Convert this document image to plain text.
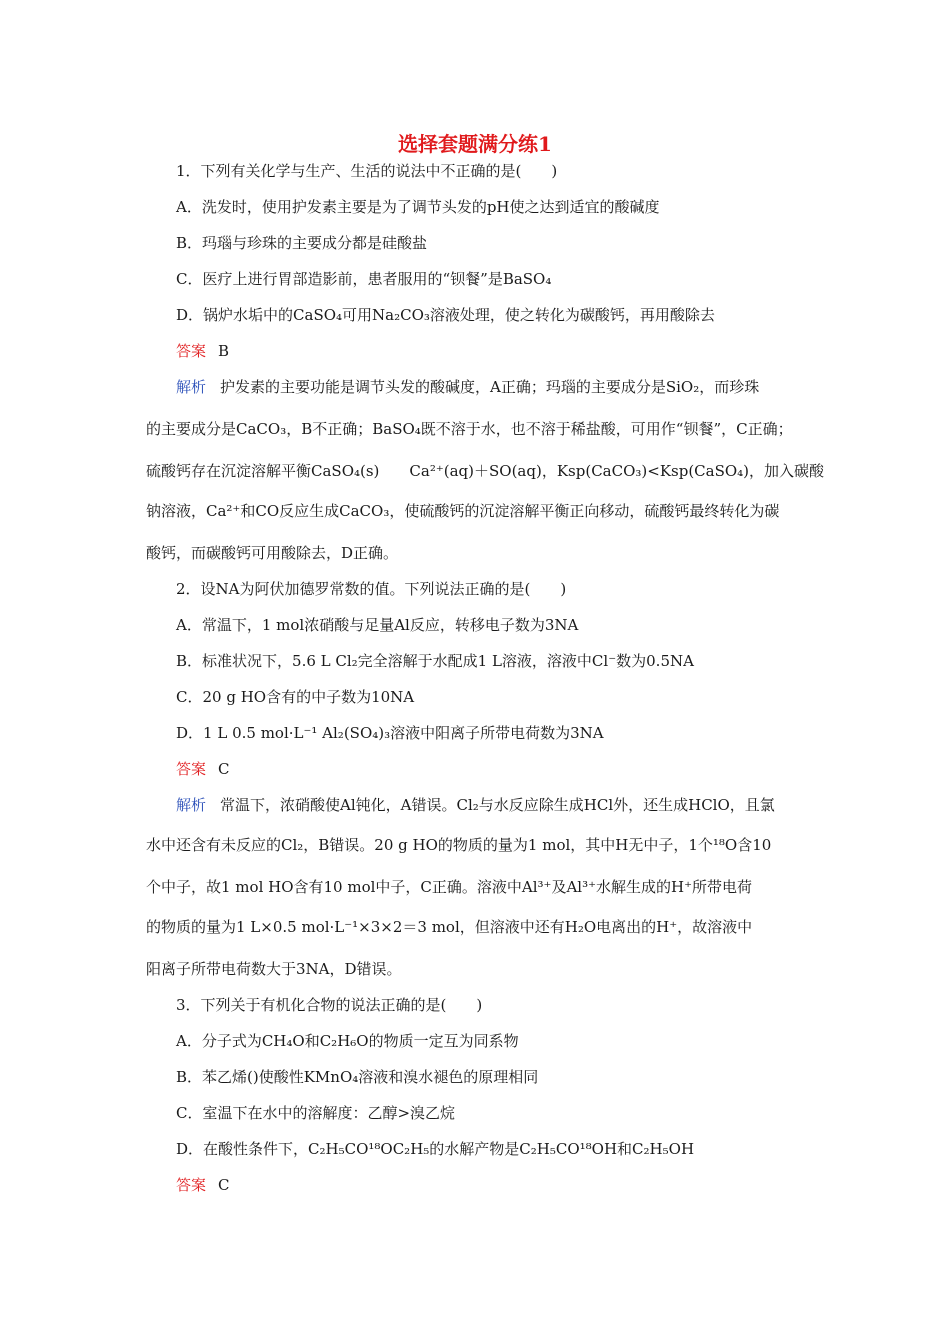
选择套题满分练1
1．下列有关化学与生产、生活的说法中不正确的是(　　)
A．洗发时，使用护发素主要是为了调节头发的pH使之达到适宜的酸碱度
B．玛瑙与珍珠的主要成分都是硅酸盐
C．医疗上进行胃部造影前，患者服用的“钡餐”是BaSO₄
D．锅炉水垢中的CaSO₄可用Na₂CO₃溶液处理，使之转化为碳酸钙，再用酸除去
答案 B
解析 护发素的主要功能是调节头发的酸碱度，A正确；玛瑙的主要成分是SiO₂，而珍珠
的主要成分是CaCO₃，B不正确；BaSO₄既不溶于水，也不溶于稀盐酸，可用作“钡餐”，C正确；
硫酸钙存在沉淀溶解平衡CaSO₄(s)　　Ca²⁺(aq)＋SO(aq)，Ksp(CaCO₃)<Ksp(CaSO₄)，加入碳酸
钠溶液，Ca²⁺和CO反应生成CaCO₃，使硫酸钙的沉淀溶解平衡正向移动，硫酸钙最终转化为碳
酸钙，而碳酸钙可用酸除去，D正确。
2．设NA为阿伏加德罗常数的值。下列说法正确的是(　　)
A．常温下，1 mol浓硝酸与足量Al反应，转移电子数为3NA
B．标准状况下，5.6 L Cl₂完全溶解于水配成1 L溶液，溶液中Cl⁻数为0.5NA
C．20 g HO含有的中子数为10NA
D．1 L 0.5 mol·L⁻¹ Al₂(SO₄)₃溶液中阳离子所带电荷数为3NA
答案 C
解析 常温下，浓硝酸使Al钝化，A错误。Cl₂与水反应除生成HCl外，还生成HClO，且氯
水中还含有未反应的Cl₂，B错误。20 g HO的物质的量为1 mol，其中H无中子，1个¹⁸O含10
个中子，故1 mol HO含有10 mol中子，C正确。溶液中Al³⁺及Al³⁺水解生成的H⁺所带电荷
的物质的量为1 L×0.5 mol·L⁻¹×3×2＝3 mol，但溶液中还有H₂O电离出的H⁺，故溶液中
阳离子所带电荷数大于3NA，D错误。
3．下列关于有机化合物的说法正确的是(　　)
A．分子式为CH₄O和C₂H₆O的物质一定互为同系物
B．苯乙烯()使酸性KMnO₄溶液和溴水褪色的原理相同
C．室温下在水中的溶解度：乙醇>溴乙烷
D．在酸性条件下，C₂H₅CO¹⁸OC₂H₅的水解产物是C₂H₅CO¹⁸OH和C₂H₅OH
答案 C
